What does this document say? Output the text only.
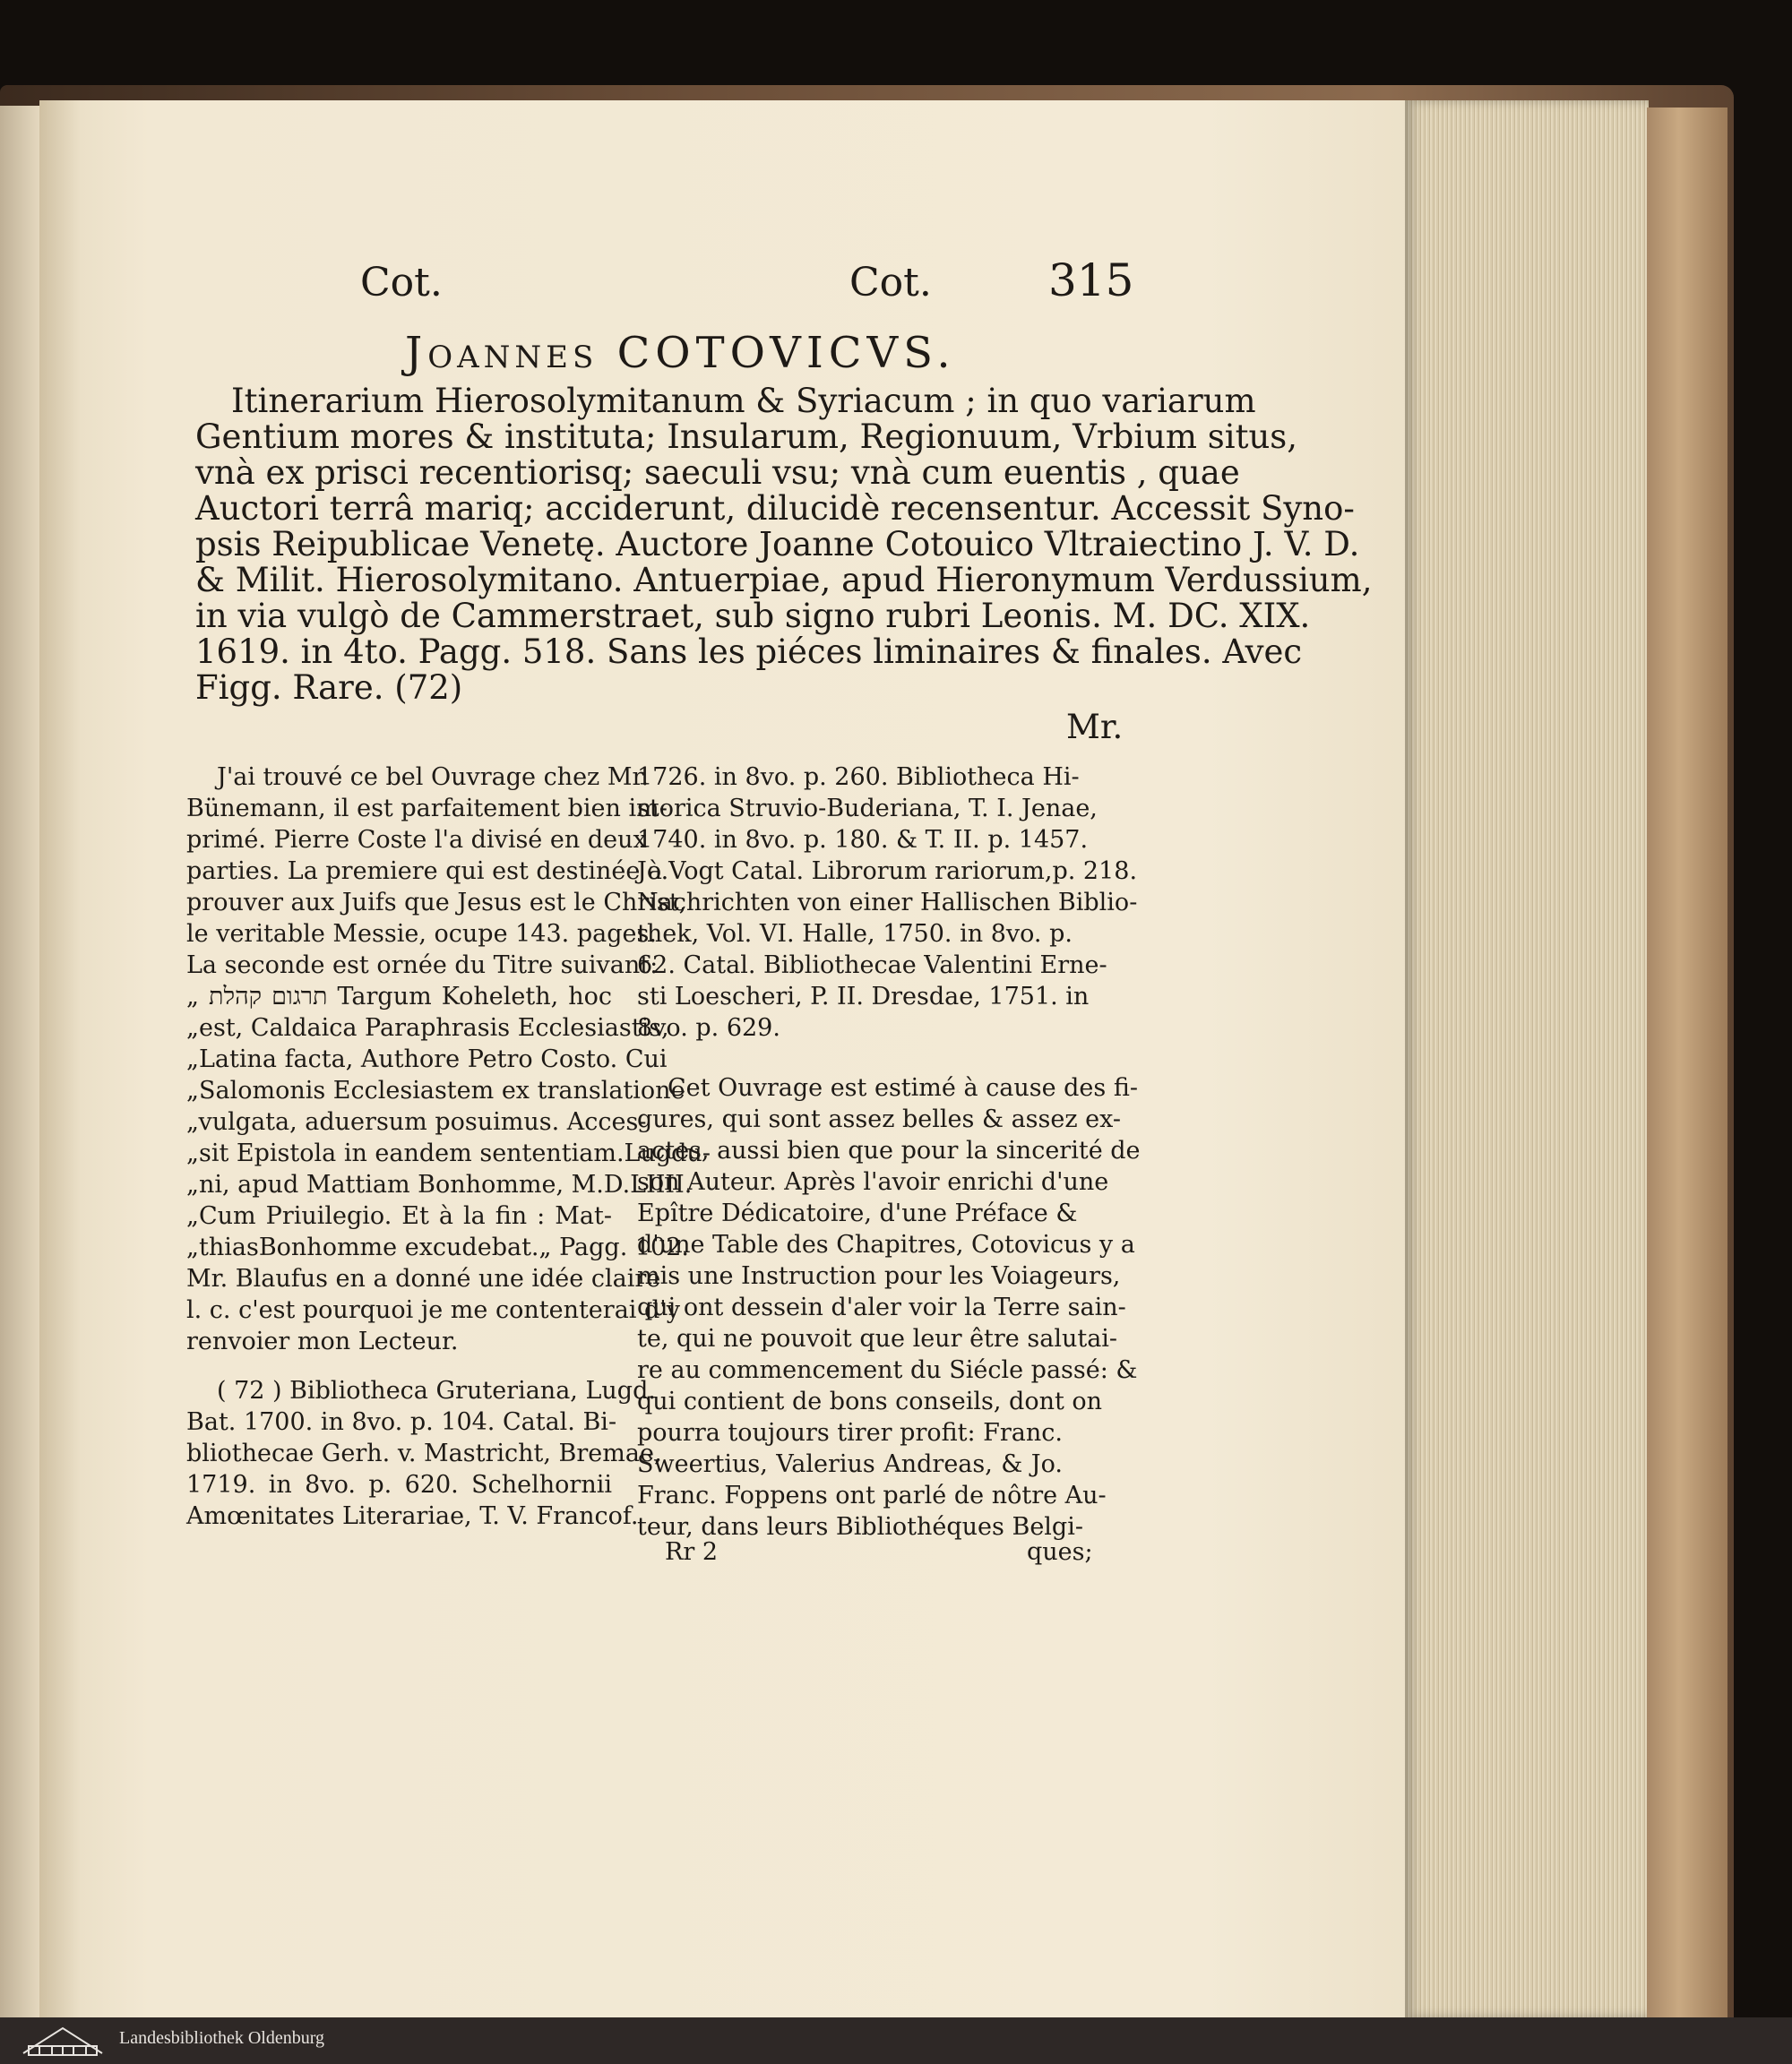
Cot.	Cot.	315
JOANNES COTOVICVS.
Itinerarium Hierosolymitanum & Syriacum ; in quo variarum
Gentium mores & instituta; Insularum, Regionuum, Vrbium situs,
vnà ex prisci recentiorisq; saeculi vsu; vnà cum euentis , quae
Auctori terrâ mariq; acciderunt, dilucidè recensentur. Accessit Syno-
psis Reipublicae Venetę. Auctore Joanne Cotouico Vltraiectino J. V. D.
& Milit. Hierosolymitano. Antuerpiae, apud Hieronymum Verdussium,
in via vulgò de Cammerstraet, sub signo rubri Leonis. M. DC. XIX.
1619. in 4to. Pagg. 518. Sans les piéces liminaires & finales. Avec
Figg. Rare. (72)
Mr.
J'ai trouvé ce bel Ouvrage chez Mr.
Bünemann, il est parfaitement bien im-
primé. Pierre Coste l'a divisé en deux
parties. La premiere qui est destinée à
prouver aux Juifs que Jesus est le Christ,
le veritable Messie, ocupe 143. pages.
La seconde est ornée du Titre suivant:
„ תרגום קהלת Targum Koheleth, hoc
„est, Caldaica Paraphrasis Ecclesiastis,
„Latina facta, Authore Petro Costo. Cui
„Salomonis Ecclesiastem ex translatione
„vulgata, aduersum posuimus. Acces-
„sit Epistola in eandem sententiam.Lugdu-
„ni, apud Mattiam Bonhomme, M.D.LIIII.
„Cum Priuilegio. Et à la fin : Mat-
„thiasBonhomme excudebat.„ Pagg. 102.
Mr. Blaufus en a donné une idée claire
l. c. c'est pourquoi je me contenterai d'y
renvoier mon Lecteur.
( 72 ) Bibliotheca Gruteriana, Lugd.
Bat. 1700. in 8vo. p. 104. Catal. Bi-
bliothecae Gerh. v. Mastricht, Bremae,
1719. in 8vo. p. 620. Schelhornii
Amœnitates Literariae, T. V. Francof.
1726. in 8vo. p. 260. Bibliotheca Hi-
storica Struvio-Buderiana, T. I. Jenae,
1740. in 8vo. p. 180. & T. II. p. 1457.
Jo.Vogt Catal. Librorum rariorum,p. 218.
Nachrichten von einer Hallischen Biblio-
thek, Vol. VI. Halle, 1750. in 8vo. p.
62. Catal. Bibliothecae Valentini Erne-
sti Loescheri, P. II. Dresdae, 1751. in
8vo. p. 629.
Cet Ouvrage est estimé à cause des fi-
gures, qui sont assez belles & assez ex-
actes, aussi bien que pour la sincerité de
son Auteur. Après l'avoir enrichi d'une
Epître Dédicatoire, d'une Préface &
d'une Table des Chapitres, Cotovicus y a
mis une Instruction pour les Voiageurs,
qui ont dessein d'aler voir la Terre sain-
te, qui ne pouvoit que leur être salutai-
re au commencement du Siécle passé: &
qui contient de bons conseils, dont on
pourra toujours tirer profit: Franc.
Sweertius, Valerius Andreas, & Jo.
Franc. Foppens ont parlé de nôtre Au-
teur, dans leurs Bibliothéques Belgi-
Rr 2	ques;
Landesbibliothek Oldenburg
